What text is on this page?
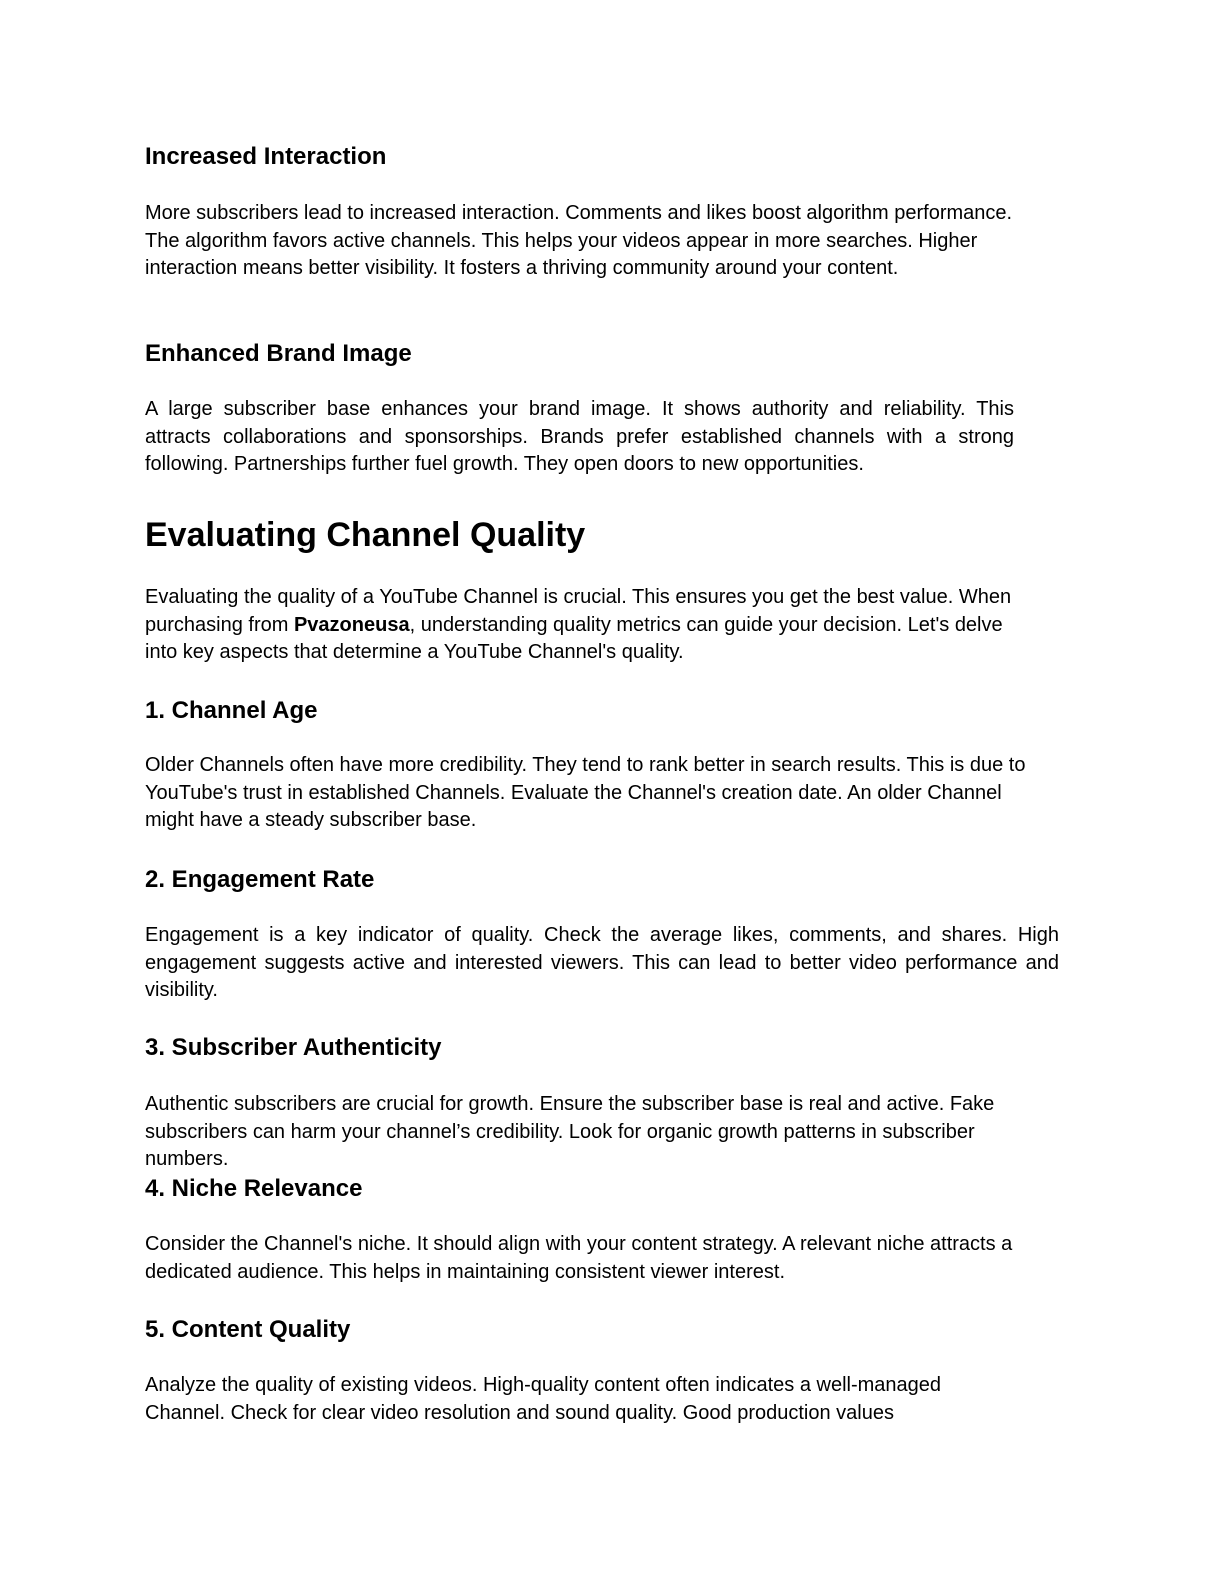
Increased Interaction

More subscribers lead to increased interaction. Comments and likes boost algorithm performance. The algorithm favors active channels. This helps your videos appear in more searches. Higher interaction means better visibility. It fosters a thriving community around your content.

Enhanced Brand Image

A large subscriber base enhances your brand image. It shows authority and reliability. This attracts collaborations and sponsorships. Brands prefer established channels with a strong following. Partnerships further fuel growth. They open doors to new opportunities.

Evaluating Channel Quality

Evaluating the quality of a YouTube Channel is crucial. This ensures you get the best value. When purchasing from Pvazoneusa, understanding quality metrics can guide your decision. Let's delve into key aspects that determine a YouTube Channel's quality.

1. Channel Age

Older Channels often have more credibility. They tend to rank better in search results. This is due to YouTube's trust in established Channels. Evaluate the Channel's creation date. An older Channel might have a steady subscriber base.

2. Engagement Rate

Engagement is a key indicator of quality. Check the average likes, comments, and shares. High engagement suggests active and interested viewers. This can lead to better video performance and visibility.

3. Subscriber Authenticity

Authentic subscribers are crucial for growth. Ensure the subscriber base is real and active. Fake subscribers can harm your channel’s credibility. Look for organic growth patterns in subscriber numbers.

4. Niche Relevance

Consider the Channel's niche. It should align with your content strategy. A relevant niche attracts a dedicated audience. This helps in maintaining consistent viewer interest.

5. Content Quality

Analyze the quality of existing videos. High-quality content often indicates a well-managed Channel. Check for clear video resolution and sound quality. Good production values
